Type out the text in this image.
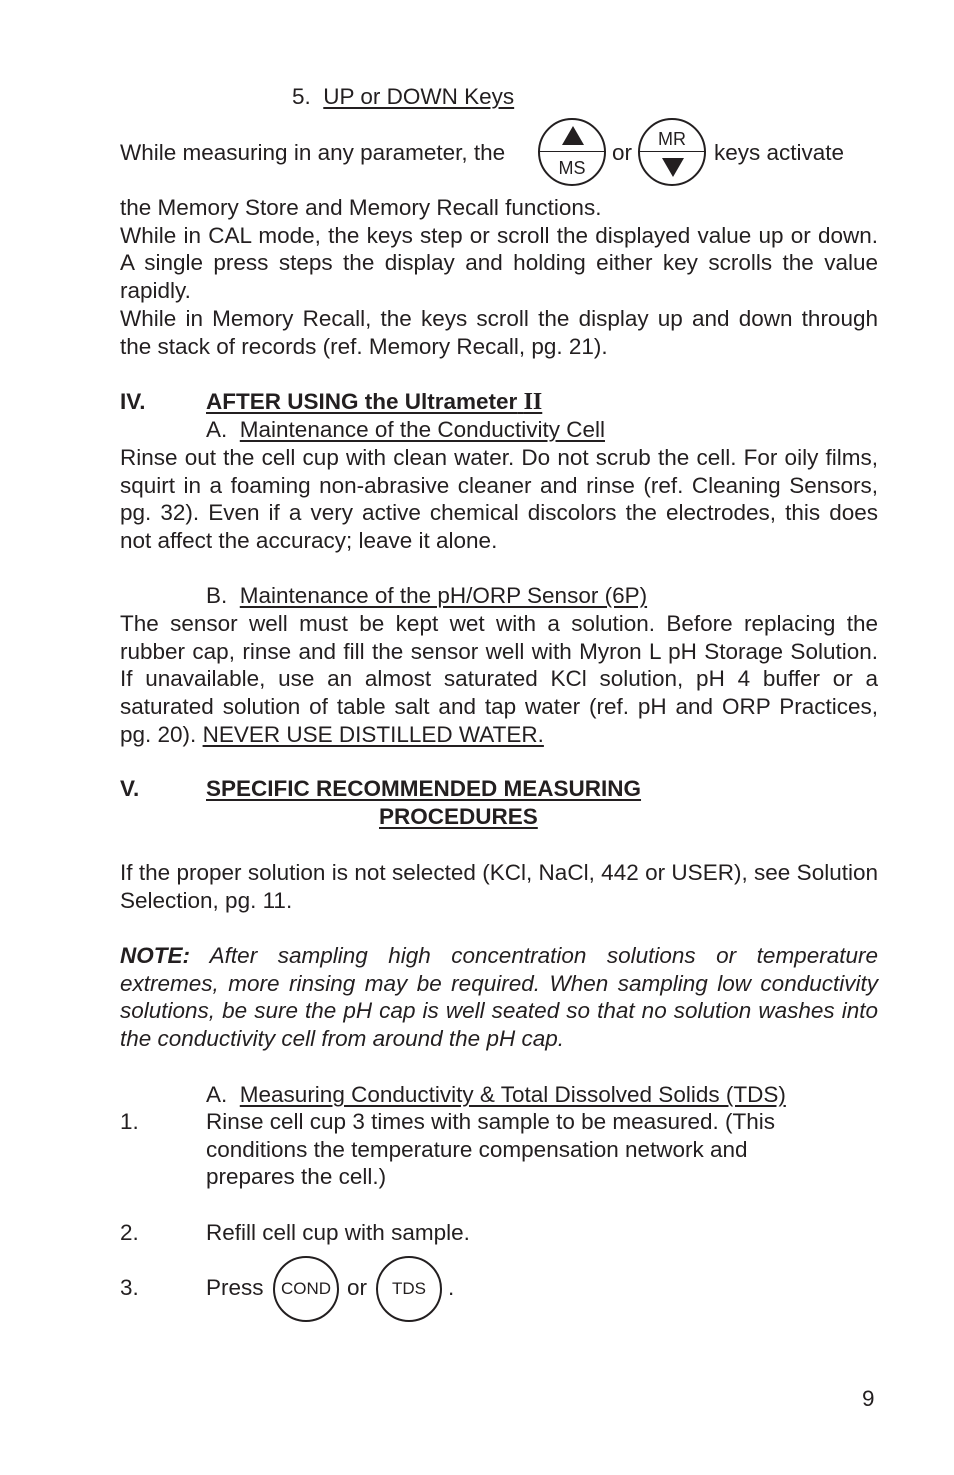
5. UP or DOWN Keys
While measuring in any parameter, the
MS
or
MR
keys activate
the Memory Store and Memory Recall functions.
While in CAL mode, the keys step or scroll the displayed value up or down. A single press steps the display and holding either key scrolls the value rapidly.
While in Memory Recall, the keys scroll the display up and down through the stack of records (ref. Memory Recall, pg. 21).
IV.	AFTER USING the Ultrameter II
A. Maintenance of the Conductivity Cell
Rinse out the cell cup with clean water. Do not scrub the cell. For oily films, squirt in a foaming non-abrasive cleaner and rinse (ref. Cleaning Sensors, pg. 32). Even if a very active chemical discolors the electrodes, this does not affect the accuracy; leave it alone.
B. Maintenance of the pH/ORP Sensor (6P)
The sensor well must be kept wet with a solution. Before replacing the rubber cap, rinse and fill the sensor well with Myron L pH Storage Solution. If unavailable, use an almost saturated KCl solution, pH 4 buffer or a saturated solution of table salt and tap water (ref. pH and ORP Practices, pg. 20). NEVER USE DISTILLED WATER.
V.	SPECIFIC RECOMMENDED MEASURING
PROCEDURES
If the proper solution is not selected (KCl, NaCl, 442 or USER), see Solution Selection, pg. 11.
NOTE: After sampling high concentration solutions or temperature extremes, more rinsing may be required. When sampling low conductivity solutions, be sure the pH cap is well seated so that no solution washes into the conductivity cell from around the pH cap.
A. Measuring Conductivity & Total Dissolved Solids (TDS)
1.	Rinse cell cup 3 times with sample to be measured. (This conditions the temperature compensation network and prepares the cell.)
2.	Refill cell cup with sample.
3.	Press	COND or	TDS .
9
